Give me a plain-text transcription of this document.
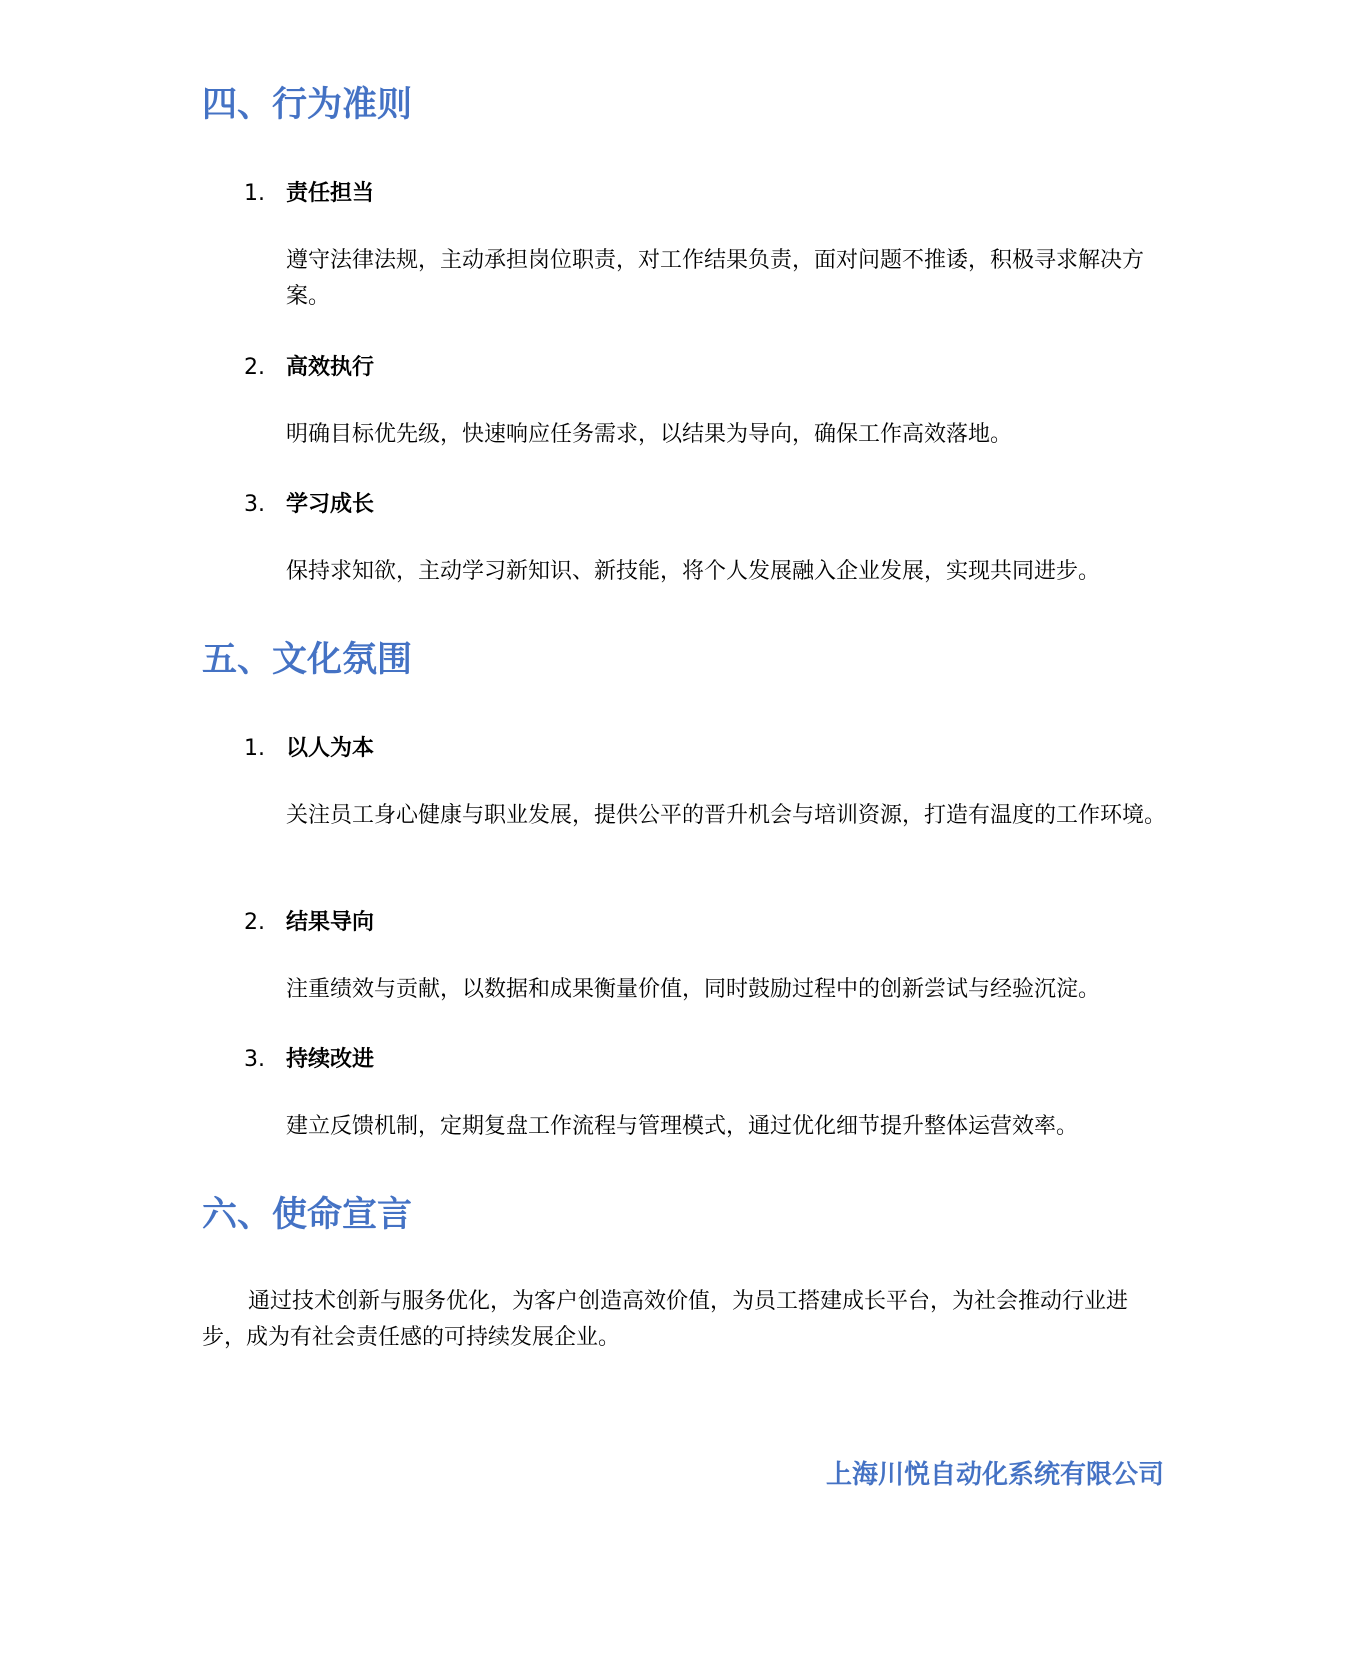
四、行为准则
1. 责任担当

遵守法律法规，主动承担岗位职责，对工作结果负责，面对问题不推诿，积极寻求解决方案。

2. 高效执行

明确目标优先级，快速响应任务需求，以结果为导向，确保工作高效落地。

3. 学习成长

保持求知欲，主动学习新知识、新技能，将个人发展融入企业发展，实现共同进步。

五、文化氛围
1. 以人为本

关注员工身心健康与职业发展，提供公平的晋升机会与培训资源，打造有温度的工作环境。

2. 结果导向

注重绩效与贡献，以数据和成果衡量价值，同时鼓励过程中的创新尝试与经验沉淀。

3. 持续改进

建立反馈机制，定期复盘工作流程与管理模式，通过优化细节提升整体运营效率。

六、使命宣言

通过技术创新与服务优化，为客户创造高效价值，为员工搭建成长平台，为社会推动行业进步，成为有社会责任感的可持续发展企业。

上海川悦自动化系统有限公司
